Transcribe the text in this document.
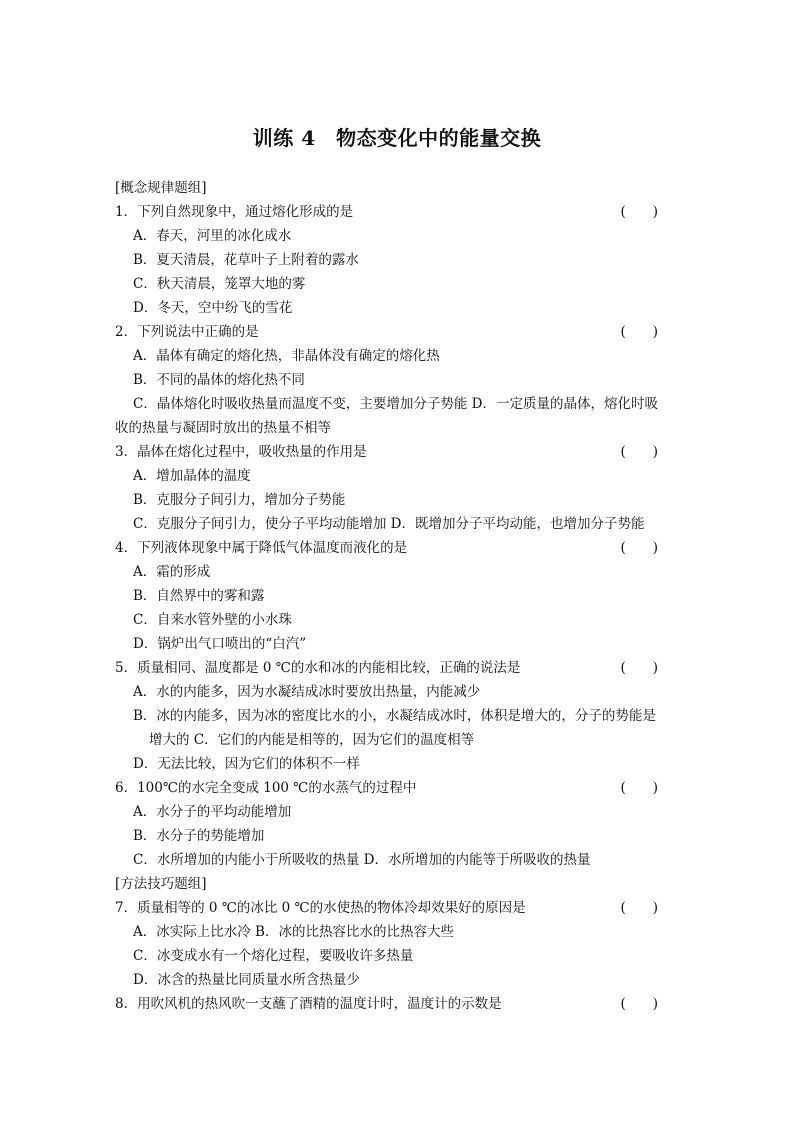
训练 4　物态变化中的能量交换
[概念规律题组]
1．下列自然现象中，通过熔化形成的是	(　　)
A．春天，河里的冰化成水
B．夏天清晨，花草叶子上附着的露水
C．秋天清晨，笼罩大地的雾
D．冬天，空中纷飞的雪花
2．下列说法中正确的是	(　　)
A．晶体有确定的熔化热，非晶体没有确定的熔化热
B．不同的晶体的熔化热不同
C．晶体熔化时吸收热量而温度不变，主要增加分子势能 D．一定质量的晶体，熔化时吸
收的热量与凝固时放出的热量不相等
3．晶体在熔化过程中，吸收热量的作用是	(　　)
A．增加晶体的温度
B．克服分子间引力，增加分子势能
C．克服分子间引力，使分子平均动能增加 D．既增加分子平均动能，也增加分子势能
4．下列液体现象中属于降低气体温度而液化的是	(　　)
A．霜的形成
B．自然界中的雾和露
C．自来水管外壁的小水珠
D．锅炉出气口喷出的“白汽”
5．质量相同、温度都是 0 ℃的水和冰的内能相比较，正确的说法是	(　　)
A．水的内能多，因为水凝结成冰时要放出热量，内能减少
B．冰的内能多，因为冰的密度比水的小，水凝结成冰时，体积是增大的，分子的势能是
增大的 C．它们的内能是相等的，因为它们的温度相等
D．无法比较，因为它们的体积不一样
6．100℃的水完全变成 100 ℃的水蒸气的过程中	(　　)
A．水分子的平均动能增加
B．水分子的势能增加
C．水所增加的内能小于所吸收的热量 D．水所增加的内能等于所吸收的热量
[方法技巧题组]
7．质量相等的 0 ℃的冰比 0 ℃的水使热的物体冷却效果好的原因是	(　　)
A．冰实际上比水冷 B．冰的比热容比水的比热容大些
C．冰变成水有一个熔化过程，要吸收许多热量
D．冰含的热量比同质量水所含热量少
8．用吹风机的热风吹一支蘸了酒精的温度计时，温度计的示数是	(　　)
